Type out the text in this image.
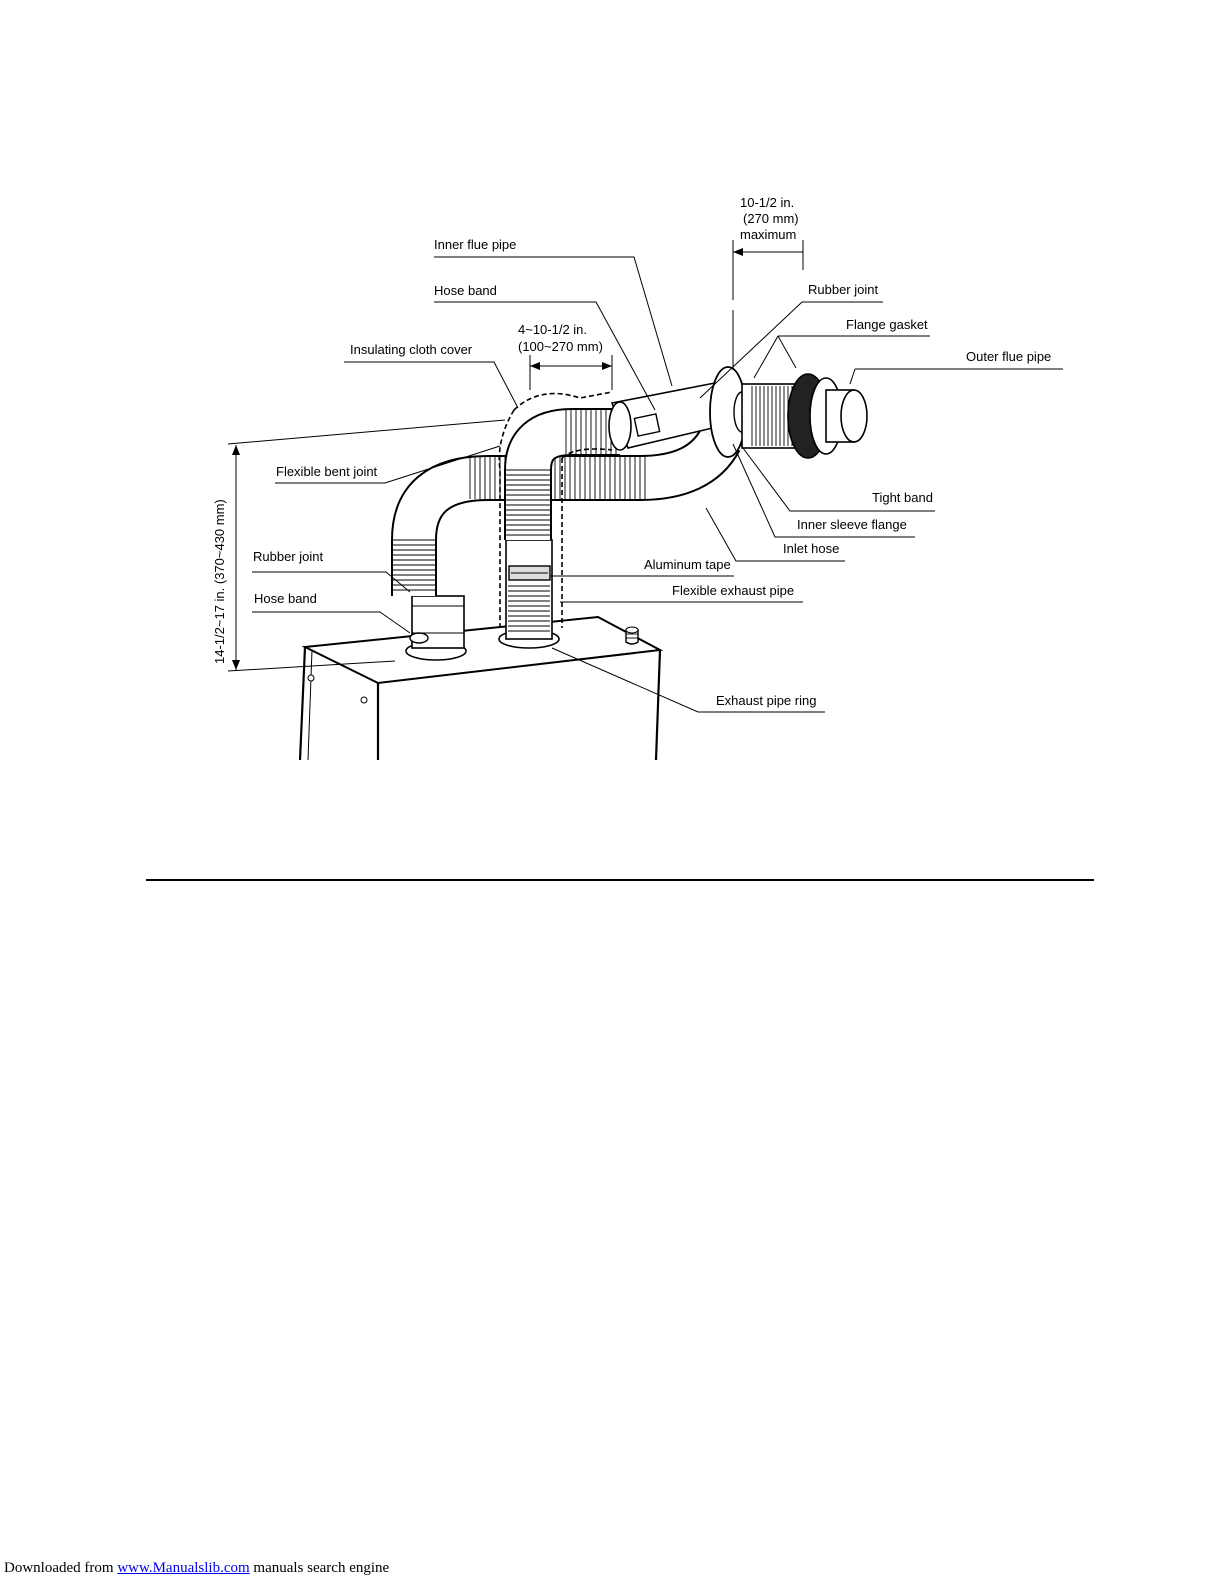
Inner flue pipe
Hose band
Insulating cloth cover
4~10-1/2 in.
(100~270 mm)
10-1/2 in.
(270 mm)
maximum
Rubber joint
Flange gasket
Outer flue pipe
Flexible bent joint
Tight band
Inner sleeve flange
Inlet hose
Rubber joint
Aluminum tape
Hose band
Flexible exhaust pipe
Exhaust pipe ring
14-1/2~17 in. (370~430 mm)
Downloaded from www.Manualslib.com manuals search engine
